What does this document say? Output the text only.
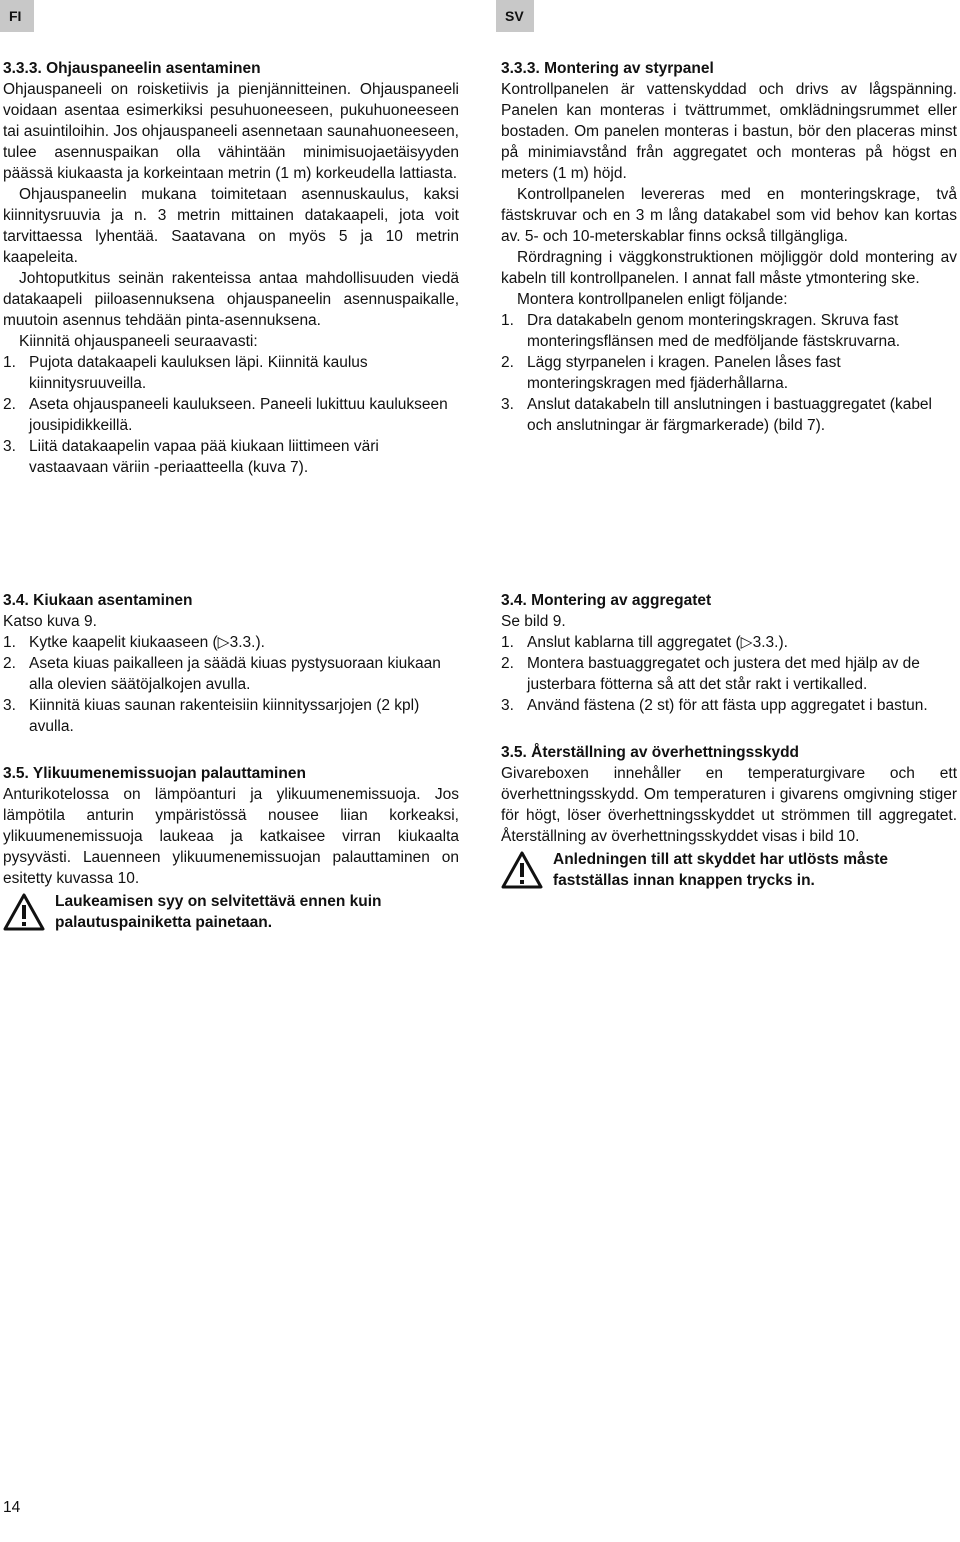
FI	SV
3.3.3. Ohjauspaneelin asentaminen

Ohjauspaneeli on roisketiivis ja pienjännitteinen. Ohjauspaneeli voidaan asentaa esimerkiksi pesuhuoneeseen, pukuhuoneeseen tai asuintiloihin. Jos ohjauspaneeli asennetaan saunahuoneeseen, tulee asennuspaikan olla vähintään minimisuojaetäisyyden päässä kiukaasta ja korkeintaan metrin (1 m) korkeudella lattiasta.

Ohjauspaneelin mukana toimitetaan asennuskaulus, kaksi kiinnitysruuvia ja n. 3 metrin mittainen datakaapeli, jota voit tarvittaessa lyhentää. Saatavana on myös 5 ja 10 metrin kaapeleita.

Johtoputkitus seinän rakenteissa antaa mahdollisuuden viedä datakaapeli piiloasennuksena ohjauspaneelin asennuspaikalle, muutoin asennus tehdään pinta-asennuksena.

Kiinnitä ohjauspaneeli seuraavasti:

1. Pujota datakaapeli kauluksen läpi. Kiinnitä kaulus kiinnitysruuveilla.
2. Aseta ohjauspaneeli kaulukseen. Paneeli lukittuu kaulukseen jousipidikkeillä.
3. Liitä datakaapelin vapaa pää kiukaan liittimeen väri vastaavaan väriin -periaatteella (kuva 7).
3.3.3. Montering av styrpanel

Kontrollpanelen är vattenskyddad och drivs av lågspänning. Panelen kan monteras i tvättrummet, omklädningsrummet eller bostaden. Om panelen monteras i bastun, bör den placeras minst på minimiavstånd från aggregatet och monteras på högst en meters (1 m) höjd.

Kontrollpanelen levereras med en monteringskrage, två fästskruvar och en 3 m lång datakabel som vid behov kan kortas av. 5- och 10-meterskablar finns också tillgängliga.

Rördragning i väggkonstruktionen möjliggör dold montering av kabeln till kontrollpanelen. I annat fall måste ytmontering ske.

Montera kontrollpanelen enligt följande:

1. Dra datakabeln genom monteringskragen. Skruva fast monteringsflänsen med de medföljande fästskruvarna.
2. Lägg styrpanelen i kragen. Panelen låses fast monteringskragen med fjäderhållarna.
3. Anslut datakabeln till anslutningen i bastuaggregatet (kabel och anslutningar är färgmarkerade) (bild 7).
3.4. Kiukaan asentaminen

Katso kuva 9.

1. Kytke kaapelit kiukaaseen (▷3.3.).
2. Aseta kiuas paikalleen ja säädä kiuas pystysuoraan kiukaan alla olevien säätöjalkojen avulla.
3. Kiinnitä kiuas saunan rakenteisiin kiinnityssarjojen (2 kpl) avulla.
3.5. Ylikuumenemissuojan palauttaminen

Anturikotelossa on lämpöanturi ja ylikuumenemissuoja. Jos lämpötila anturin ympäristössä nousee liian korkeaksi, ylikuumenemissuoja laukeaa ja katkaisee virran kiukaalta pysyvästi. Lauenneen ylikuumenemissuojan palauttaminen on esitetty kuvassa 10.

Laukeamisen syy on selvitettävä ennen kuin palautuspainiketta painetaan.
3.4. Montering av aggregatet

Se bild 9.

1. Anslut kablarna till aggregatet (▷3.3.).
2. Montera bastuaggregatet och justera det med hjälp av de justerbara fötterna så att det står rakt i vertikalled.
3. Använd fästena (2 st) för att fästa upp aggregatet i bastun.
3.5. Återställning av överhettningsskydd

Givareboxen innehåller en temperaturgivare och ett överhettningsskydd. Om temperaturen i givarens omgivning stiger för högt, löser överhettningsskyddet ut strömmen till aggregatet. Återställning av överhettningsskyddet visas i bild 10.

Anledningen till att skyddet har utlösts måste fastställas innan knappen trycks in.
14
